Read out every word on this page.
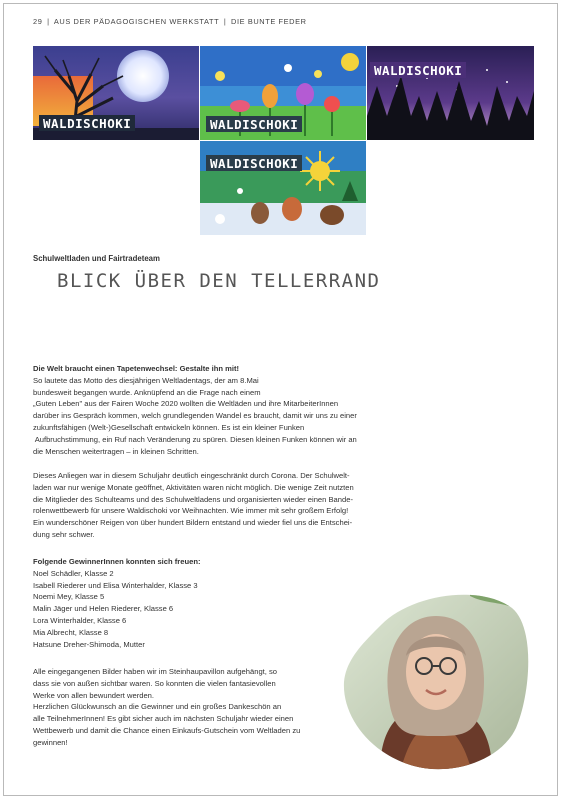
29 | AUS DER PÄDAGOGISCHEN WERKSTATT | DIE BUNTE FEDER
WALDISCHOKI	WALDISCHOKI
WALDISCHOKI
WALDISCHOKI
Schulweltladen und Fairtradeteam
BLICK ÜBER DEN TELLERRAND

Die Welt braucht einen Tapetenwechsel: Gestalte ihn mit!

So lautete das Motto des diesjährigen Weltladentags, der am 8.Mai

bundesweit begangen wurde. Anknüpfend an die Frage nach einem

„Guten Leben" aus der Fairen Woche 2020 wollten die Weltläden und ihre MitarbeiterInnen

darüber ins Gespräch kommen, welch grundlegenden Wandel es braucht, damit wir uns zu einer

zukunftsfähigen (Welt-)Gesellschaft entwickeln können. Es ist ein kleiner Funken

Aufbruchstimmung, ein Ruf nach Veränderung zu spüren. Diesen kleinen Funken können wir an

die Menschen weitertragen – in kleinen Schritten.

Dieses Anliegen war in diesem Schuljahr deutlich eingeschränkt durch Corona. Der Schulwelt-

laden war nur wenige Monate geöffnet, Aktivitäten waren nicht möglich. Die wenige Zeit nutzten

die Mitglieder des Schulteams und des Schulweltladens und organisierten wieder einen Bande-

rolenwettbewerb für unsere Waldischoki vor Weihnachten. Wie immer mit sehr großem Erfolg!

Ein wunderschöner Reigen von über hundert Bildern entstand und wieder fiel uns die Entschei-

dung sehr schwer.

Folgende GewinnerInnen konnten sich freuen:

Noel Schädler, Klasse 2
Isabell Riederer und Elisa Winterhalder, Klasse 3
Noemi Mey, Klasse 5
Malin Jäger und Helen Riederer, Klasse 6
Lora Winterhalder, Klasse 6
Mia Albrecht, Klasse 8
Hatsune Dreher-Shimoda, Mutter

Alle eingegangenen Bilder haben wir im Steinhaupavillon aufgehängt, so

dass sie von außen sichtbar waren. So konnten die vielen fantasievollen

Werke von allen bewundert werden.

Herzlichen Glückwunsch an die Gewinner und ein großes Dankeschön an

alle TeilnehmerInnen! Es gibt sicher auch im nächsten Schuljahr wieder einen

Wettbewerb und damit die Chance einen Einkaufs-Gutschein vom Weltladen zu

gewinnen!
